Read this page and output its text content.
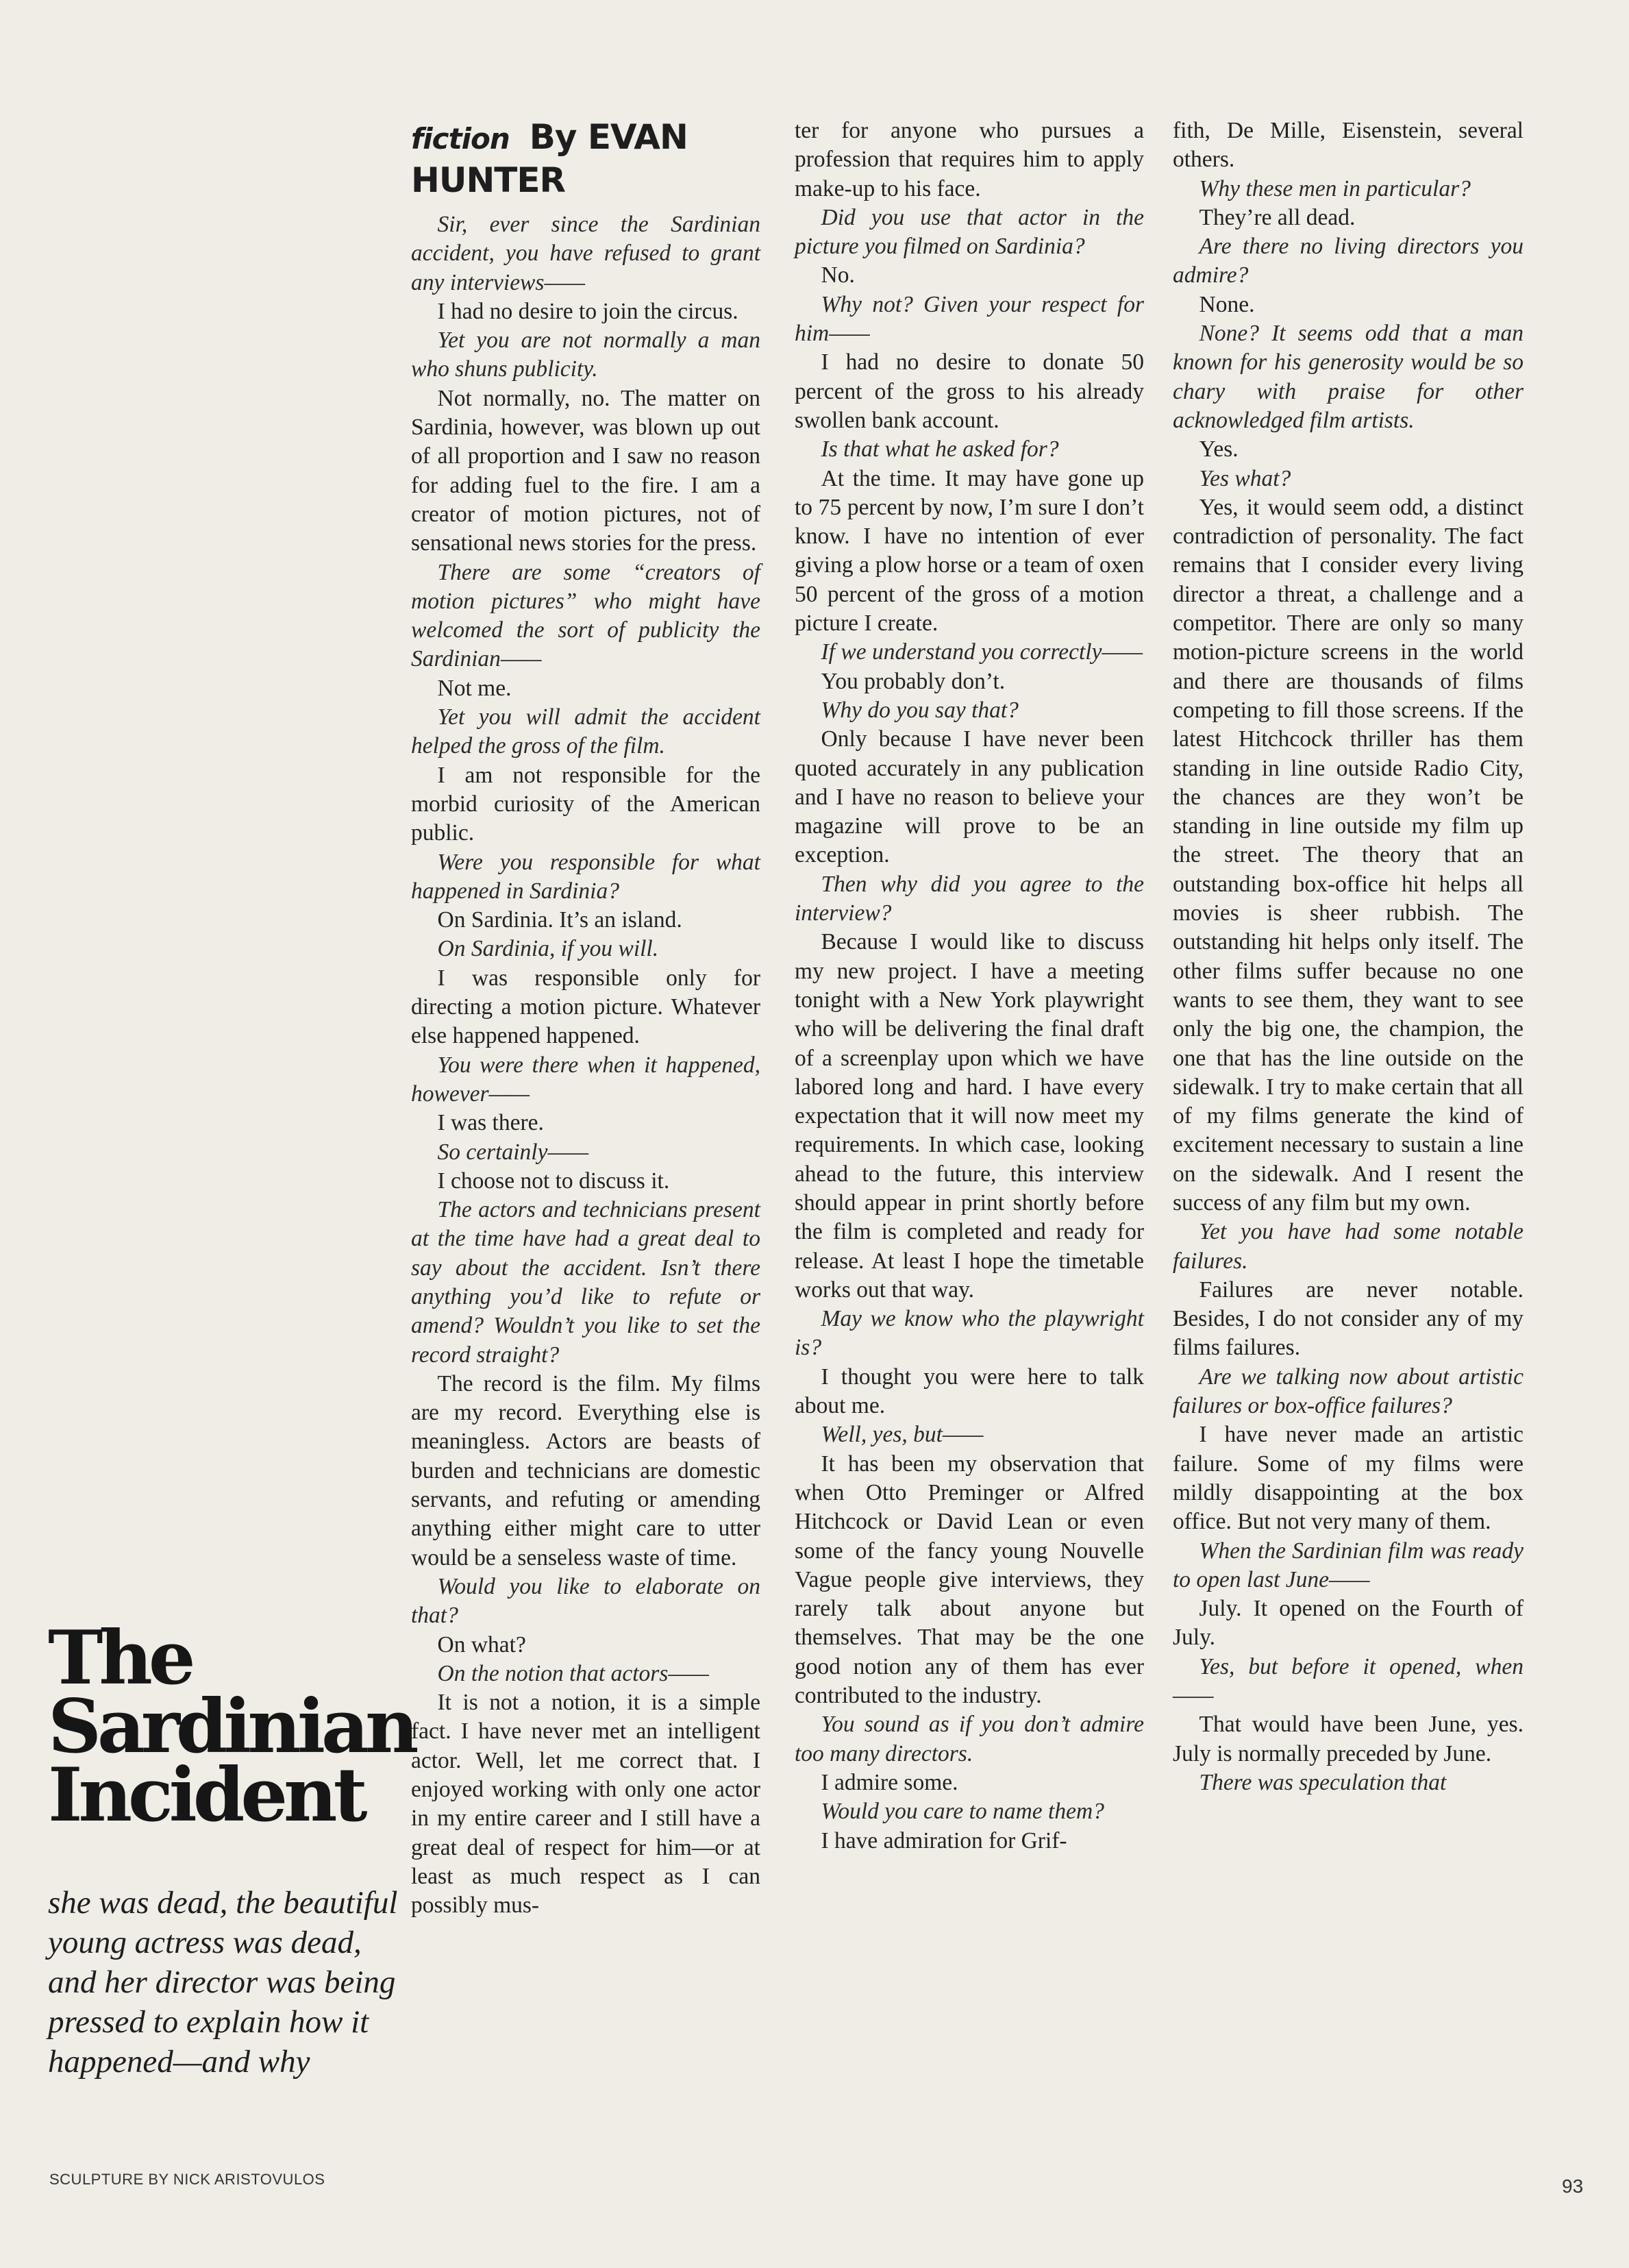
fiction By EVAN HUNTER

Sir, ever since the Sardinian accident, you have refused to grant any interviews——

I had no desire to join the circus.

Yet you are not normally a man who shuns publicity.

Not normally, no. The matter on Sardinia, however, was blown up out of all proportion and I saw no reason for adding fuel to the fire. I am a creator of motion pictures, not of sensational news stories for the press.

There are some “creators of motion pictures” who might have welcomed the sort of publicity the Sardinian——

Not me.

Yet you will admit the accident helped the gross of the film.

I am not responsible for the morbid curiosity of the American public.

Were you responsible for what happened in Sardinia?

On Sardinia. It’s an island.

On Sardinia, if you will.

I was responsible only for directing a motion picture. Whatever else happened happened.

You were there when it happened, however——

I was there.

So certainly——

I choose not to discuss it.

The actors and technicians present at the time have had a great deal to say about the accident. Isn’t there anything you’d like to refute or amend? Wouldn’t you like to set the record straight?

The record is the film. My films are my record. Everything else is meaningless. Actors are beasts of burden and technicians are domestic servants, and refuting or amending anything either might care to utter would be a senseless waste of time.

Would you like to elaborate on that?

On what?

On the notion that actors——

It is not a notion, it is a simple fact. I have never met an intelligent actor. Well, let me correct that. I enjoyed working with only one actor in my entire career and I still have a great deal of respect for him—or at least as much respect as I can possibly mus-

ter for anyone who pursues a profession that requires him to apply make-up to his face.

Did you use that actor in the picture you filmed on Sardinia?

No.

Why not? Given your respect for him——

I had no desire to donate 50 percent of the gross to his already swollen bank account.

Is that what he asked for?

At the time. It may have gone up to 75 percent by now, I’m sure I don’t know. I have no intention of ever giving a plow horse or a team of oxen 50 percent of the gross of a motion picture I create.

If we understand you correctly——

You probably don’t.

Why do you say that?

Only because I have never been quoted accurately in any publication and I have no reason to believe your magazine will prove to be an exception.

Then why did you agree to the interview?

Because I would like to discuss my new project. I have a meeting tonight with a New York playwright who will be delivering the final draft of a screenplay upon which we have labored long and hard. I have every expectation that it will now meet my requirements. In which case, looking ahead to the future, this interview should appear in print shortly before the film is completed and ready for release. At least I hope the timetable works out that way.

May we know who the playwright is?

I thought you were here to talk about me.

Well, yes, but——

It has been my observation that when Otto Preminger or Alfred Hitchcock or David Lean or even some of the fancy young Nouvelle Vague people give interviews, they rarely talk about anyone but themselves. That may be the one good notion any of them has ever contributed to the industry.

You sound as if you don’t admire too many directors.

I admire some.

Would you care to name them?

I have admiration for Grif-

fith, De Mille, Eisenstein, several others.

Why these men in particular?

They’re all dead.

Are there no living directors you admire?

None.

None? It seems odd that a man known for his generosity would be so chary with praise for other acknowledged film artists.

Yes.

Yes what?

Yes, it would seem odd, a distinct contradiction of personality. The fact remains that I consider every living director a threat, a challenge and a competitor. There are only so many motion-picture screens in the world and there are thousands of films competing to fill those screens. If the latest Hitchcock thriller has them standing in line outside Radio City, the chances are they won’t be standing in line outside my film up the street. The theory that an outstanding box-office hit helps all movies is sheer rubbish. The outstanding hit helps only itself. The other films suffer because no one wants to see them, they want to see only the big one, the champion, the one that has the line outside on the sidewalk. I try to make certain that all of my films generate the kind of excitement necessary to sustain a line on the sidewalk. And I resent the success of any film but my own.

Yet you have had some notable failures.

Failures are never notable. Besides, I do not consider any of my films failures.

Are we talking now about artistic failures or box-office failures?

I have never made an artistic failure. Some of my films were mildly disappointing at the box office. But not very many of them.

When the Sardinian film was ready to open last June——

July. It opened on the Fourth of July.

Yes, but before it opened, when——

That would have been June, yes. July is normally preceded by June.

There was speculation that

The
Sardinian
Incident

she was dead, the beautiful young actress was dead, and her director was being pressed to explain how it happened—and why

SCULPTURE BY NICK ARISTOVULOS	93
